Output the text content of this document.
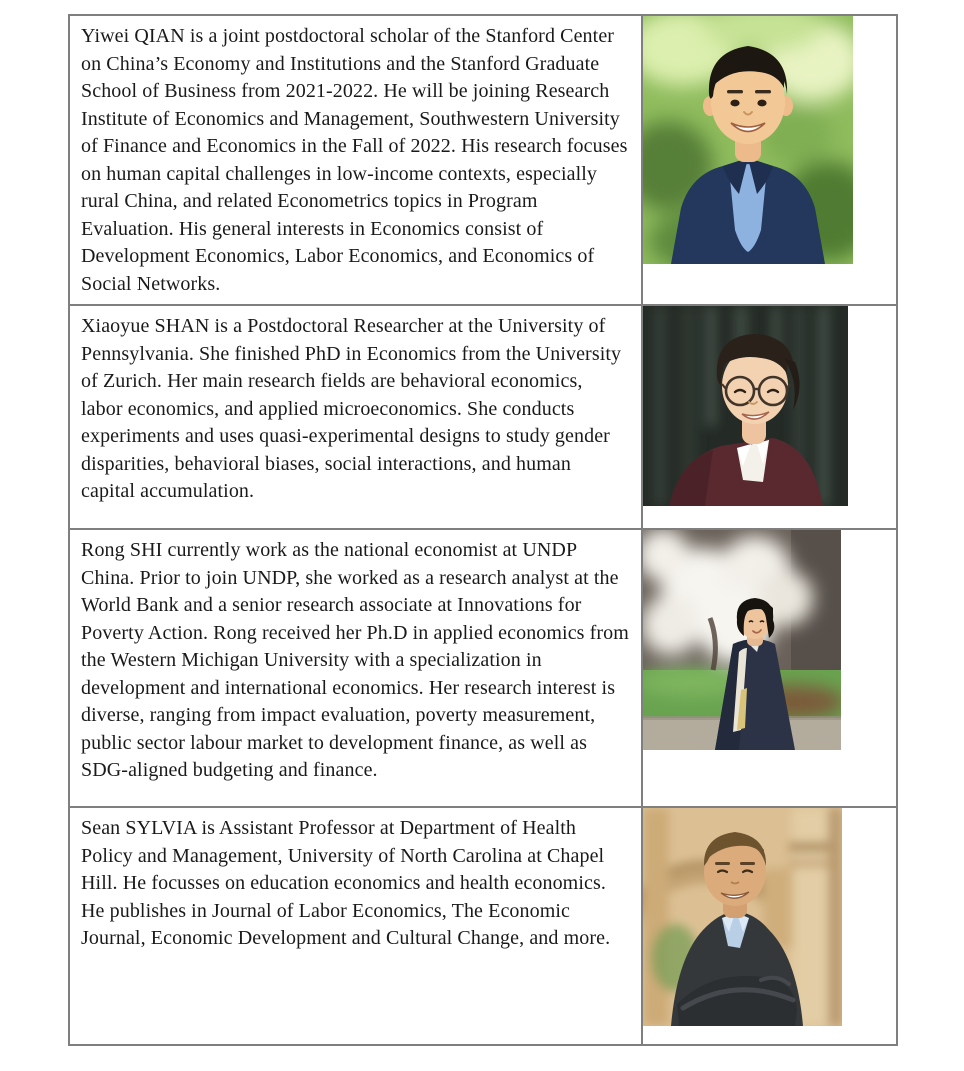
Yiwei QIAN is a joint postdoctoral scholar of the Stanford Center on China’s Economy and Institutions and the Stanford Graduate School of Business from 2021-2022. He will be joining Research Institute of Economics and Management, Southwestern University of Finance and Economics in the Fall of 2022. His research focuses on human capital challenges in low-income contexts, especially rural China, and related Econometrics topics in Program Evaluation. His general interests in Economics consist of Development Economics, Labor Economics, and Economics of Social Networks.

Xiaoyue SHAN is a Postdoctoral Researcher at the University of Pennsylvania. She finished PhD in Economics from the University of Zurich. Her main research fields are behavioral economics, labor economics, and applied microeconomics. She conducts experiments and uses quasi-experimental designs to study gender disparities, behavioral biases, social interactions, and human capital accumulation.

Rong SHI currently work as the national economist at UNDP China. Prior to join UNDP, she worked as a research analyst at the World Bank and a senior research associate at Innovations for Poverty Action. Rong received her Ph.D in applied economics from the Western Michigan University with a specialization in development and international economics. Her research interest is diverse, ranging from impact evaluation, poverty measurement, public sector labour market to development finance, as well as SDG-aligned budgeting and finance.

Sean SYLVIA is Assistant Professor at Department of Health Policy and Management, University of North Carolina at Chapel Hill. He focusses on education economics and health economics. He publishes in Journal of Labor Economics, The Economic Journal, Economic Development and Cultural Change, and more.
